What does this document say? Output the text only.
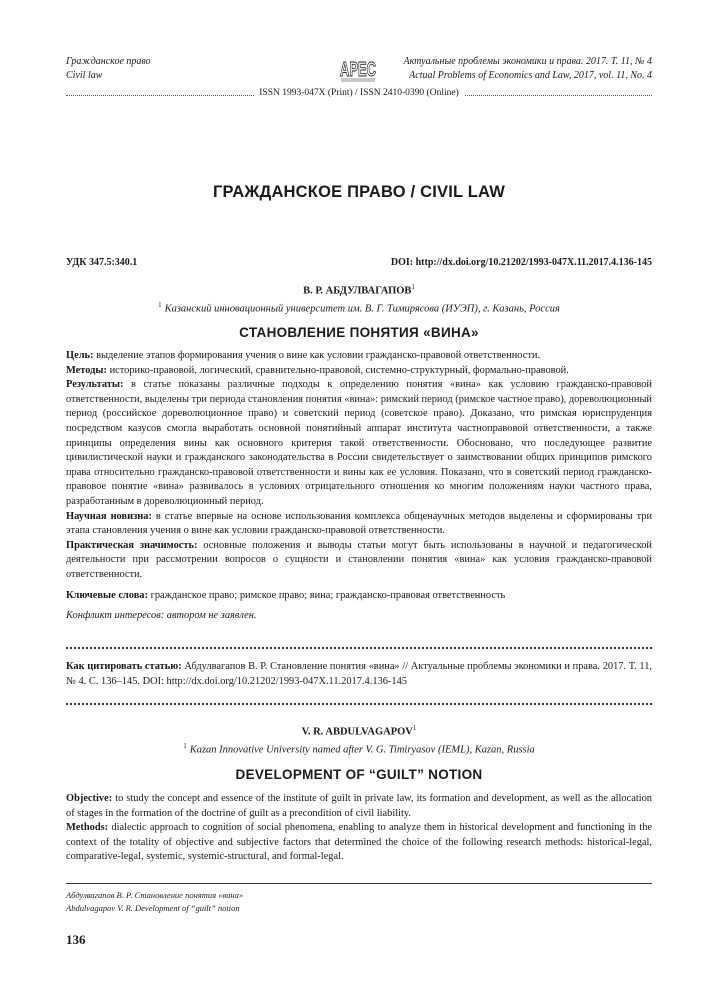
Гражданское право
Civil law	АРЕС	Актуальные проблемы экономики и права. 2017. Т. 11, № 4
Actual Problems of Economics and Law, 2017, vol. 11, No. 4
ISSN 1993-047X (Print) / ISSN 2410-0390 (Online)
ГРАЖДАНСКОЕ ПРАВО / CIVIL LAW
УДК 347.5:340.1	DOI: http://dx.doi.org/10.21202/1993-047X.11.2017.4.136-145
В. Р. АБДУЛВАГАПОВ$^1$
$^1$ Казанский инновационный университет им. В. Г. Тимирясова (ИУЭП), г. Казань, Россия
СТАНОВЛЕНИЕ ПОНЯТИЯ «ВИНА»

Цель: выделение этапов формирования учения о вине как условии гражданско-правовой ответственности.

Методы: историко-правовой, логический, сравнительно-правовой, системно-структурный, формально-правовой.

Результаты: в статье показаны различные подходы к определению понятия «вина» как условию гражданско-правовой ответственности, выделены три периода становления понятия «вина»: римский период (римское частное право), дореволюционный период (российское дореволюционное право) и советский период (советское право). Доказано, что римская юриспруденция посредством казусов смогла выработать основной понятийный аппарат института частноправовой ответственности, а также принципы определения вины как основного критерия такой ответственности. Обосновано, что последующее развитие цивилистической науки и гражданского законодательства в России свидетельствует о заимствовании общих принципов римского права относительно гражданско-правовой ответственности и вины как ее условия. Показано, что в советский период гражданско-правовое понятие «вина» развивалось в условиях отрицательного отношения ко многим положениям науки частного права, разработанным в дореволюционный период.

Научная новизна: в статье впервые на основе использования комплекса общенаучных методов выделены и сформированы три этапа становления учения о вине как условии гражданско-правовой ответственности.

Практическая значимость: основные положения и выводы статьи могут быть использованы в научной и педагогической деятельности при рассмотрении вопросов о сущности и становлении понятия «вина» как условия гражданско-правовой ответственности.

Ключевые слова: гражданское право; римское право; вина; гражданско-правовая ответственность

Конфликт интересов: автором не заявлен.

Как цитировать статью: Абдулвагапов В. Р. Становление понятия «вина» // Актуальные проблемы экономики и права. 2017. Т. 11, № 4. С. 136–145. DOI: http://dx.doi.org/10.21202/1993-047X.11.2017.4.136-145

V. R. ABDULVAGAPOV$^1$
$^1$ Kazan Innovative University named after V. G. Timiryasov (IEML), Kazan, Russia
DEVELOPMENT OF “GUILT” NOTION

Objective: to study the concept and essence of the institute of guilt in private law, its formation and development, as well as the allocation of stages in the formation of the doctrine of guilt as a precondition of civil liability.

Methods: dialectic approach to cognition of social phenomena, enabling to analyze them in historical development and functioning in the context of the totality of objective and subjective factors that determined the choice of the following research methods: historical-legal, comparative-legal, systemic, systemic-structural, and formal-legal.

Абдулвагапов В. Р. Становление понятия «вина»
Abdulvagapov V. R. Development of “guilt” notion
136
